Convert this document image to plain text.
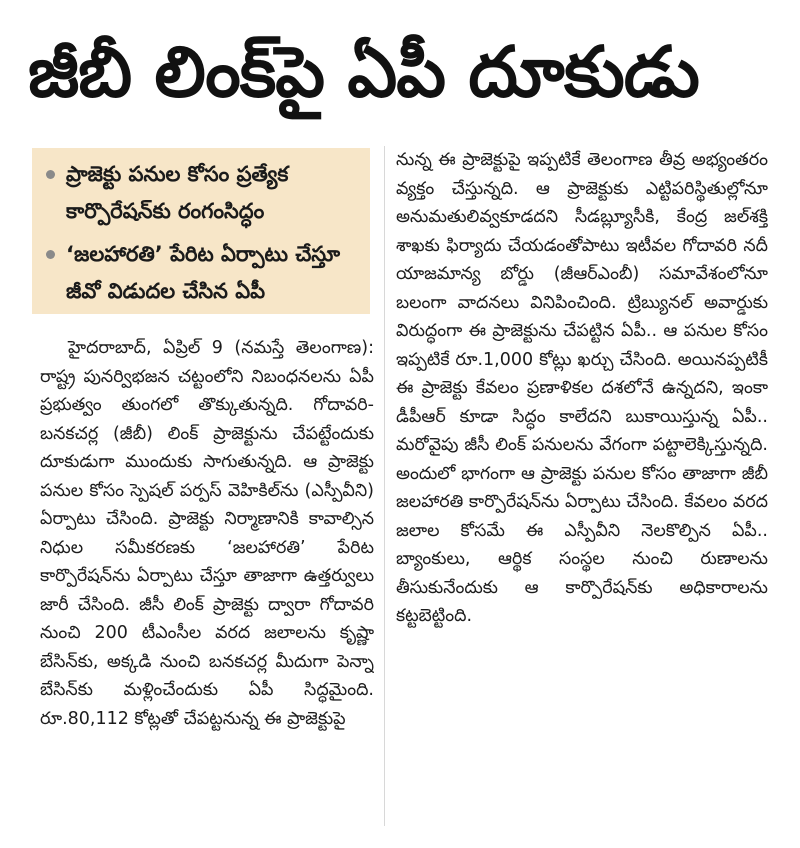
జీబీ లింక్‌పై ఏపీ దూకుడు
ప్రాజెక్టు పనుల కోసం ప్రత్యేక కార్పొరేషన్‌కు రంగంసిద్ధం
‘జలహారతి’ పేరిట ఏర్పాటు చేస్తూ జీవో విడుదల చేసిన ఏపీ

హైదరాబాద్, ఏప్రిల్ 9 (నమస్తే తెలంగాణ): రాష్ట్ర పునర్విభజన చట్టంలోని నిబంధనలను ఏపీ ప్రభుత్వం తుంగలో తొక్కుతున్నది. గోదావరి-బనకచర్ల (జీబీ) లింక్ ప్రాజెక్టును చేపట్టేందుకు దూకుడుగా ముందుకు సాగుతున్నది. ఆ ప్రాజెక్టు పనుల కోసం స్పెషల్ పర్పస్ వెహికిల్‌ను (ఎస్పీవీని) ఏర్పాటు చేసింది. ప్రాజెక్టు నిర్మాణానికి కావాల్సిన నిధుల సమీకరణకు ‘జలహారతి’ పేరిట కార్పొరేషన్‌ను ఏర్పాటు చేస్తూ తాజాగా ఉత్తర్వులు జారీ చేసింది. జీసీ లింక్ ప్రాజెక్టు ద్వారా గోదావరి నుంచి 200 టీఎంసీల వరద జలాలను కృష్ణా బేసిన్‌కు, అక్కడి నుంచి బనకచర్ల మీదుగా పెన్నా బేసిన్‌కు మళ్లించేందుకు ఏపీ సిద్ధమైంది. రూ.80,112 కోట్లతో చేపట్టనున్న ఈ ప్రాజెక్టుపై

నున్న ఈ ప్రాజెక్టుపై ఇప్పటికే తెలంగాణ తీవ్ర అభ్యంతరం వ్యక్తం చేస్తున్నది. ఆ ప్రాజెక్టుకు ఎట్టిపరిస్థితుల్లోనూ అనుమతులివ్వకూడదని సీడబ్ల్యూసీకి, కేంద్ర జల్‌శక్తి శాఖకు ఫిర్యాదు చేయడంతోపాటు ఇటీవల గోదావరి నదీ యాజమాన్య బోర్డు (జీఆర్ఎంబీ) సమావేశంలోనూ బలంగా వాదనలు వినిపించింది. ట్రిబ్యునల్ అవార్డుకు విరుద్ధంగా ఈ ప్రాజెక్టును చేపట్టిన ఏపీ.. ఆ పనుల కోసం ఇప్పటికే రూ.1,000 కోట్లు ఖర్చు చేసింది. అయినప్పటికీ ఈ ప్రాజెక్టు కేవలం ప్రణాళికల దశలోనే ఉన్నదని, ఇంకా డీపీఆర్ కూడా సిద్ధం కాలేదని బుకాయిస్తున్న ఏపీ.. మరోవైపు జీసీ లింక్ పనులను వేగంగా పట్టాలెక్కిస్తున్నది. అందులో భాగంగా ఆ ప్రాజెక్టు పనుల కోసం తాజాగా జీబీ జలహారతి కార్పొరేషన్‌ను ఏర్పాటు చేసింది. కేవలం వరద జలాల కోసమే ఈ ఎస్పీవీని నెలకొల్పిన ఏపీ.. బ్యాంకులు, ఆర్థిక సంస్థల నుంచి రుణాలను తీసుకునేందుకు ఆ కార్పొరేషన్‌కు అధికారాలను కట్టబెట్టింది.
